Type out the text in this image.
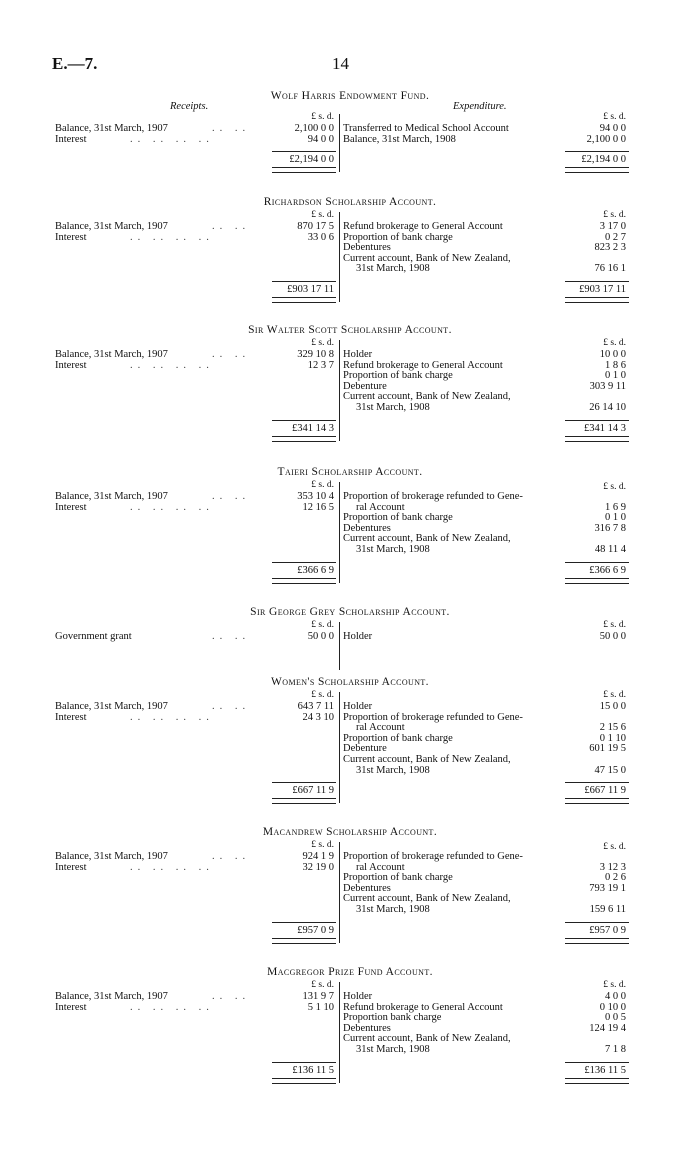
E.—7.	14
Wolf Harris Endowment Fund.
Receipts.	Expenditure.
£ s. d.	£ s. d.
Balance, 31st March, 1907	.. ..	2,100 0 0
Interest	.. .. .. ..	94 0 0
Transferred to Medical School Account	94 0 0
Balance, 31st March, 1908	2,100 0 0
£2,194 0 0	£2,194 0 0
Richardson Scholarship Account.
£ s. d.	£ s. d.
Balance, 31st March, 1907	.. ..	870 17 5
Interest	.. .. .. ..	33 0 6
Refund brokerage to General Account	3 17 0
Proportion of bank charge	0 2 7
Debentures	823 2 3
Current account, Bank of New Zealand,
31st March, 1908	76 16 1
£903 17 11	£903 17 11
Sir Walter Scott Scholarship Account.
£ s. d.	£ s. d.
Balance, 31st March, 1907	.. ..	329 10 8
Interest	.. .. .. ..	12 3 7
Holder	10 0 0
Refund brokerage to General Account	1 8 6
Proportion of bank charge	0 1 0
Debenture	303 9 11
Current account, Bank of New Zealand,
31st March, 1908	26 14 10
£341 14 3	£341 14 3
Taieri Scholarship Account.
£ s. d.	£ s. d.
Balance, 31st March, 1907	.. ..	353 10 4
Interest	.. .. .. ..	12 16 5
Proportion of brokerage refunded to Gene-
ral Account	1 6 9
Proportion of bank charge	0 1 0
Debentures	316 7 8
Current account, Bank of New Zealand,
31st March, 1908	48 11 4
£366 6 9	£366 6 9
Sir George Grey Scholarship Account.
£ s. d.	£ s. d.
Government grant	.. ..	50 0 0 Holder	50 0 0
Women's Scholarship Account.
£ s. d.	£ s. d.
Balance, 31st March, 1907	.. ..	643 7 11
Interest	.. .. .. ..	24 3 10
Holder	15 0 0
Proportion of brokerage refunded to Gene-
ral Account	2 15 6
Proportion of bank charge	0 1 10
Debenture	601 19 5
Current account, Bank of New Zealand,
31st March, 1908	47 15 0
£667 11 9	£667 11 9
Macandrew Scholarship Account.
£ s. d.	£ s. d.
Balance, 31st March, 1907	.. ..	924 1 9
Interest	.. .. .. ..	32 19 0
Proportion of brokerage refunded to Gene-
ral Account	3 12 3
Proportion of bank charge	0 2 6
Debentures	793 19 1
Current account, Bank of New Zealand,
31st March, 1908	159 6 11
£957 0 9	£957 0 9
Macgregor Prize Fund Account.
£ s. d.	£ s. d.
Balance, 31st March, 1907	.. ..	131 9 7
Interest	.. .. .. ..	5 1 10
Holder	4 0 0
Refund brokerage to General Account	0 10 0
Proportion bank charge	0 0 5
Debentures	124 19 4
Current account, Bank of New Zealand,
31st March, 1908	7 1 8
£136 11 5	£136 11 5
